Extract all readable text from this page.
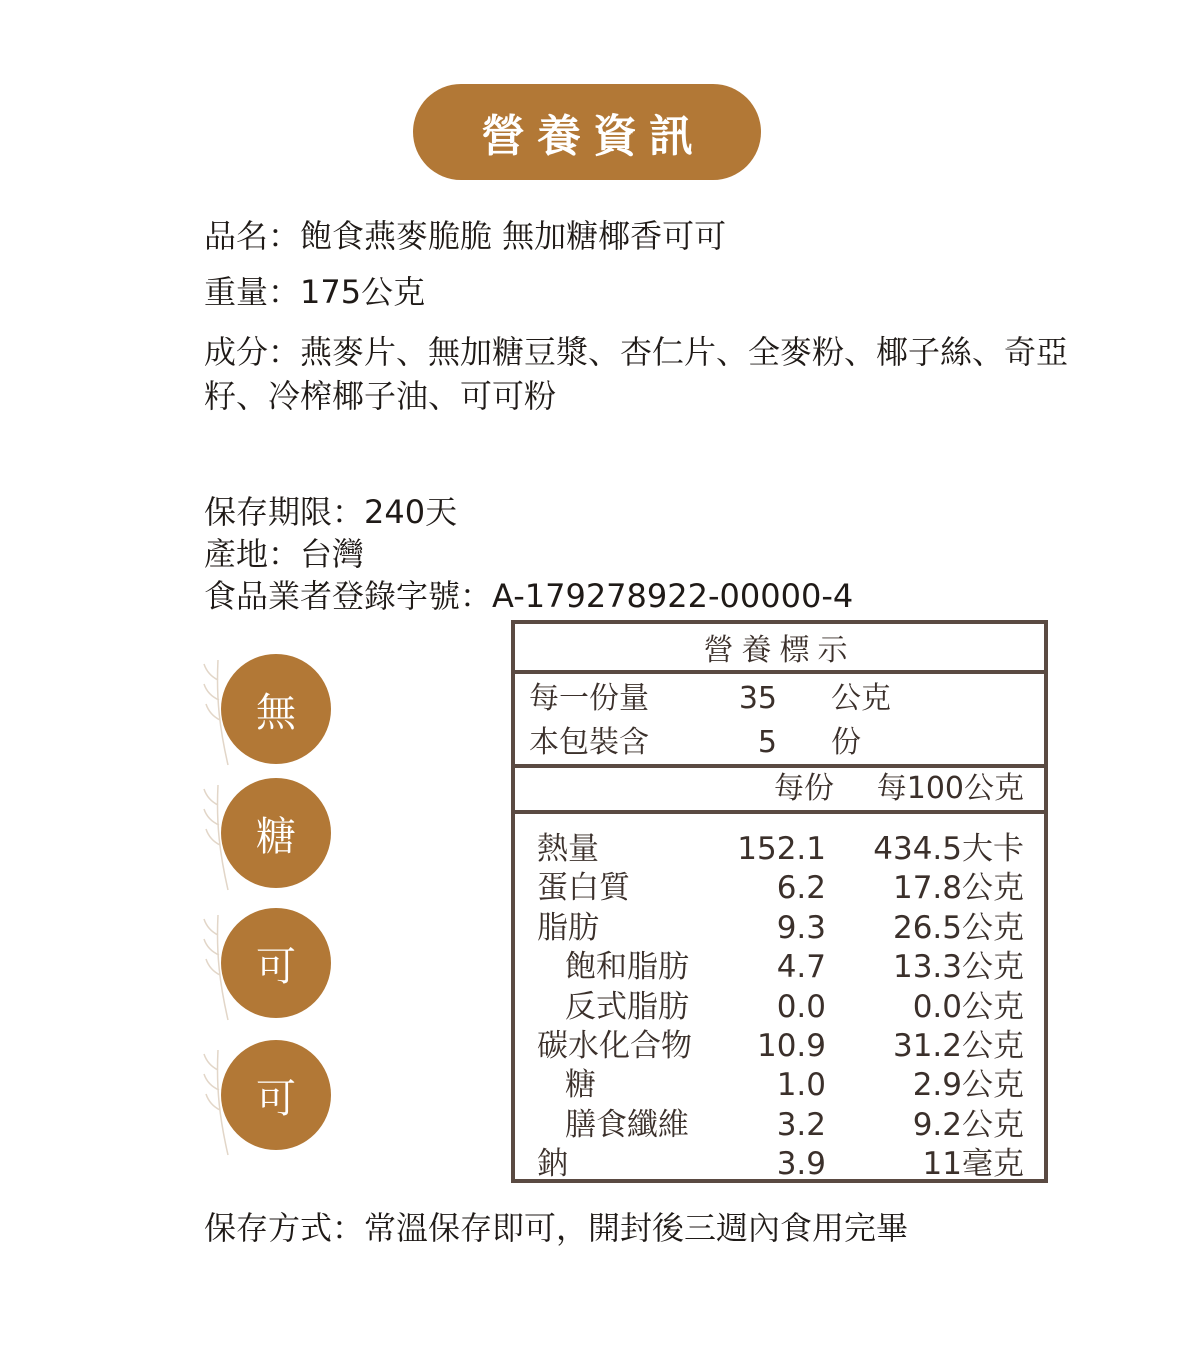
營養資訊
品名：飽食燕麥脆脆 無加糖椰香可可
重量：175公克
成分：燕麥片、無加糖豆漿、杏仁片、全麥粉、椰子絲、奇亞籽、冷榨椰子油、可可粉
保存期限：240天
產地：台灣
食品業者登錄字號：A-179278922-00000-4
無
糖
可
可
營養標示
每一份量	35 公克
本包裝含	5 份
每份 每100公克
熱量	152.1 434.5大卡
蛋白質	6.2 17.8公克
脂肪	9.3 26.5公克
飽和脂肪	4.7 13.3公克
反式脂肪	0.0	0.0公克
碳水化合物 10.9 31.2公克
糖	1.0	2.9公克
膳食纖維	3.2	9.2公克
鈉	3.9	11毫克
保存方式：常溫保存即可，開封後三週內食用完畢
